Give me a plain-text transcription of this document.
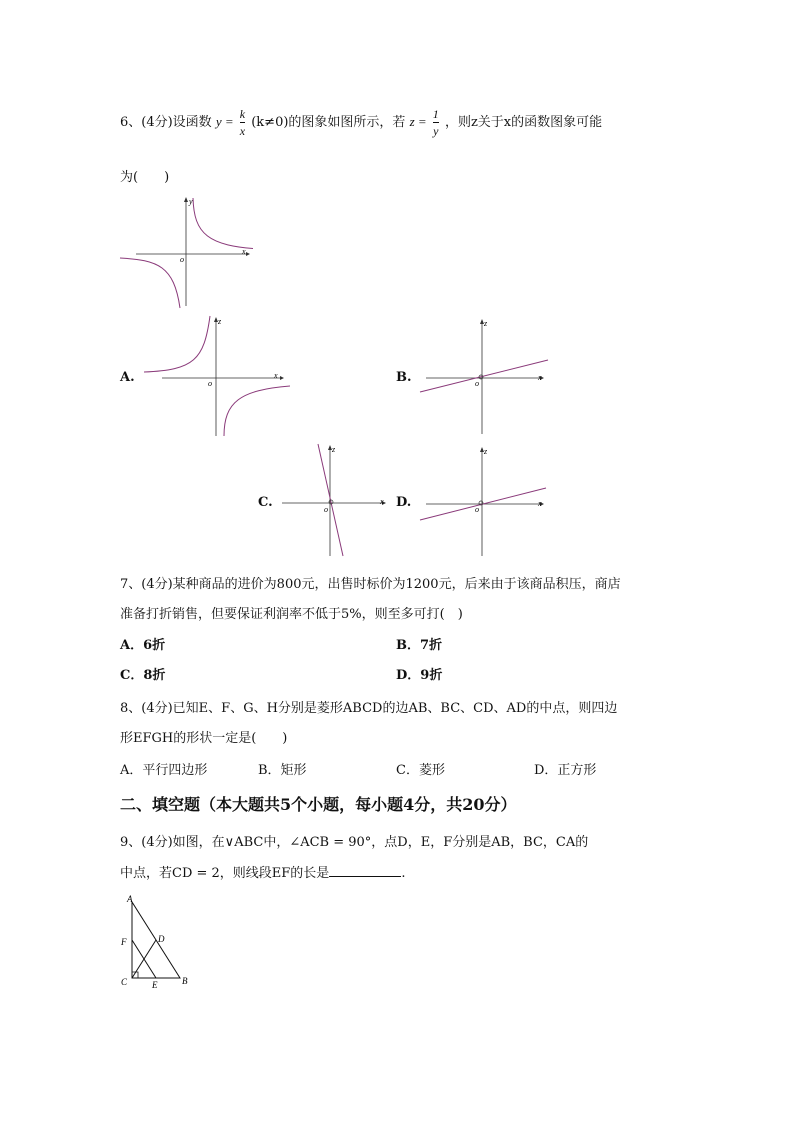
6、(4分)设函数 $y = \frac{k}{x} (k\ne 0)$的图象如图所示，若 $z = \frac{1}{y}$ ，则z关于x的函数图象可能
为(　　)
x
y
o
A.	x
z
o	B.	x
z
o
C.	x
z
o	D.	x
z
o
7、(4分)某种商品的进价为800元，出售时标价为1200元，后来由于该商品积压，商店
准备打折销售，但要保证利润率不低于5%，则至多可打(　)
A．6折	B．7折
C．8折	D．9折
8、(4分)已知E、F、G、H分别是菱形ABCD的边AB、BC、CD、AD的中点，则四边
形EFGH的形状一定是(　　)
A．平行四边形	B．矩形	C．菱形	D．正方形
二、填空题（本大题共5个小题，每小题4分，共20分）
9、(4分)如图，在∨ABC中，∠ACB = 90°，点D，E，F分别是AB，BC，CA的
中点，若CD = 2，则线段EF的长是	.
A
F	D
C	E	B
